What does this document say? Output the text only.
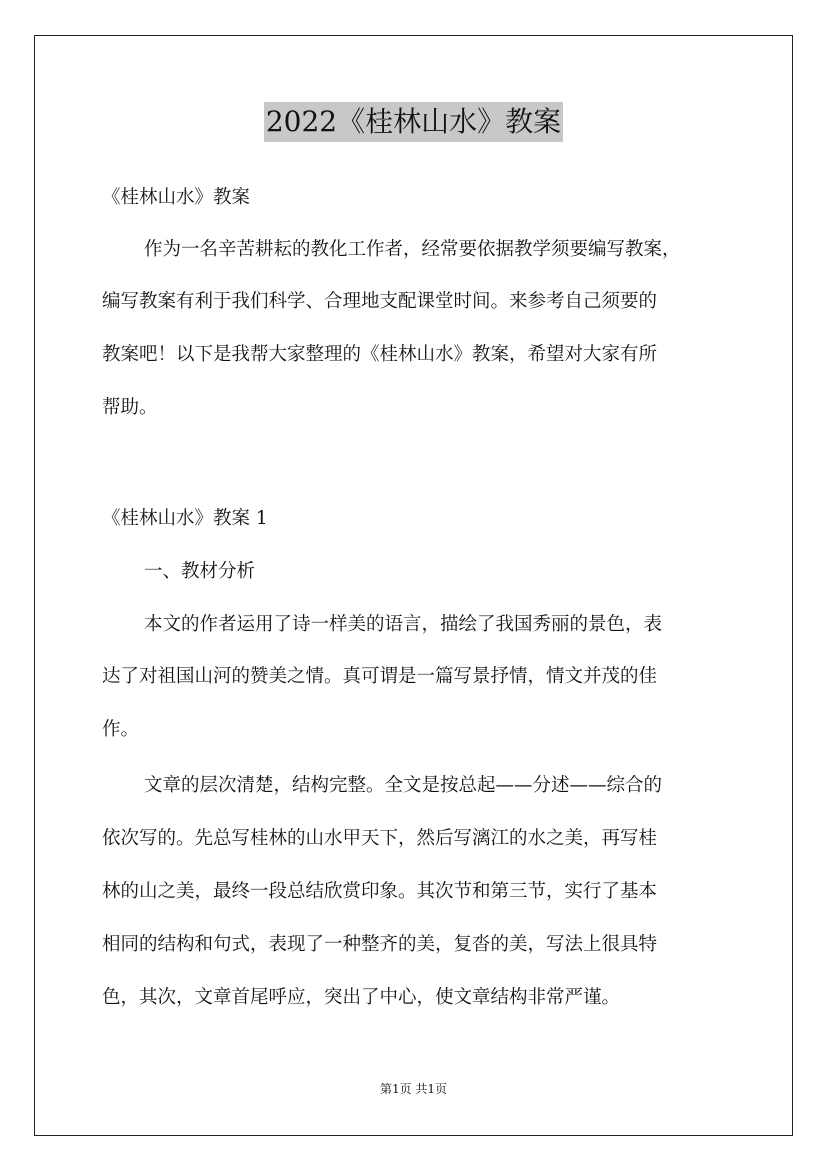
2022《桂林山水》教案
《桂林山水》教案
作为一名辛苦耕耘的教化工作者，经常要依据教学须要编写教案，
编写教案有利于我们科学、合理地支配课堂时间。来参考自己须要的
教案吧！以下是我帮大家整理的《桂林山水》教案，希望对大家有所
帮助。
《桂林山水》教案 1
一、教材分析
本文的作者运用了诗一样美的语言，描绘了我国秀丽的景色，表
达了对祖国山河的赞美之情。真可谓是一篇写景抒情，情文并茂的佳
作。
文章的层次清楚，结构完整。全文是按总起——分述——综合的
依次写的。先总写桂林的山水甲天下，然后写漓江的水之美，再写桂
林的山之美，最终一段总结欣赏印象。其次节和第三节，实行了基本
相同的结构和句式，表现了一种整齐的美，复沓的美，写法上很具特
色，其次，文章首尾呼应，突出了中心，使文章结构非常严谨。
第1页 共1页
